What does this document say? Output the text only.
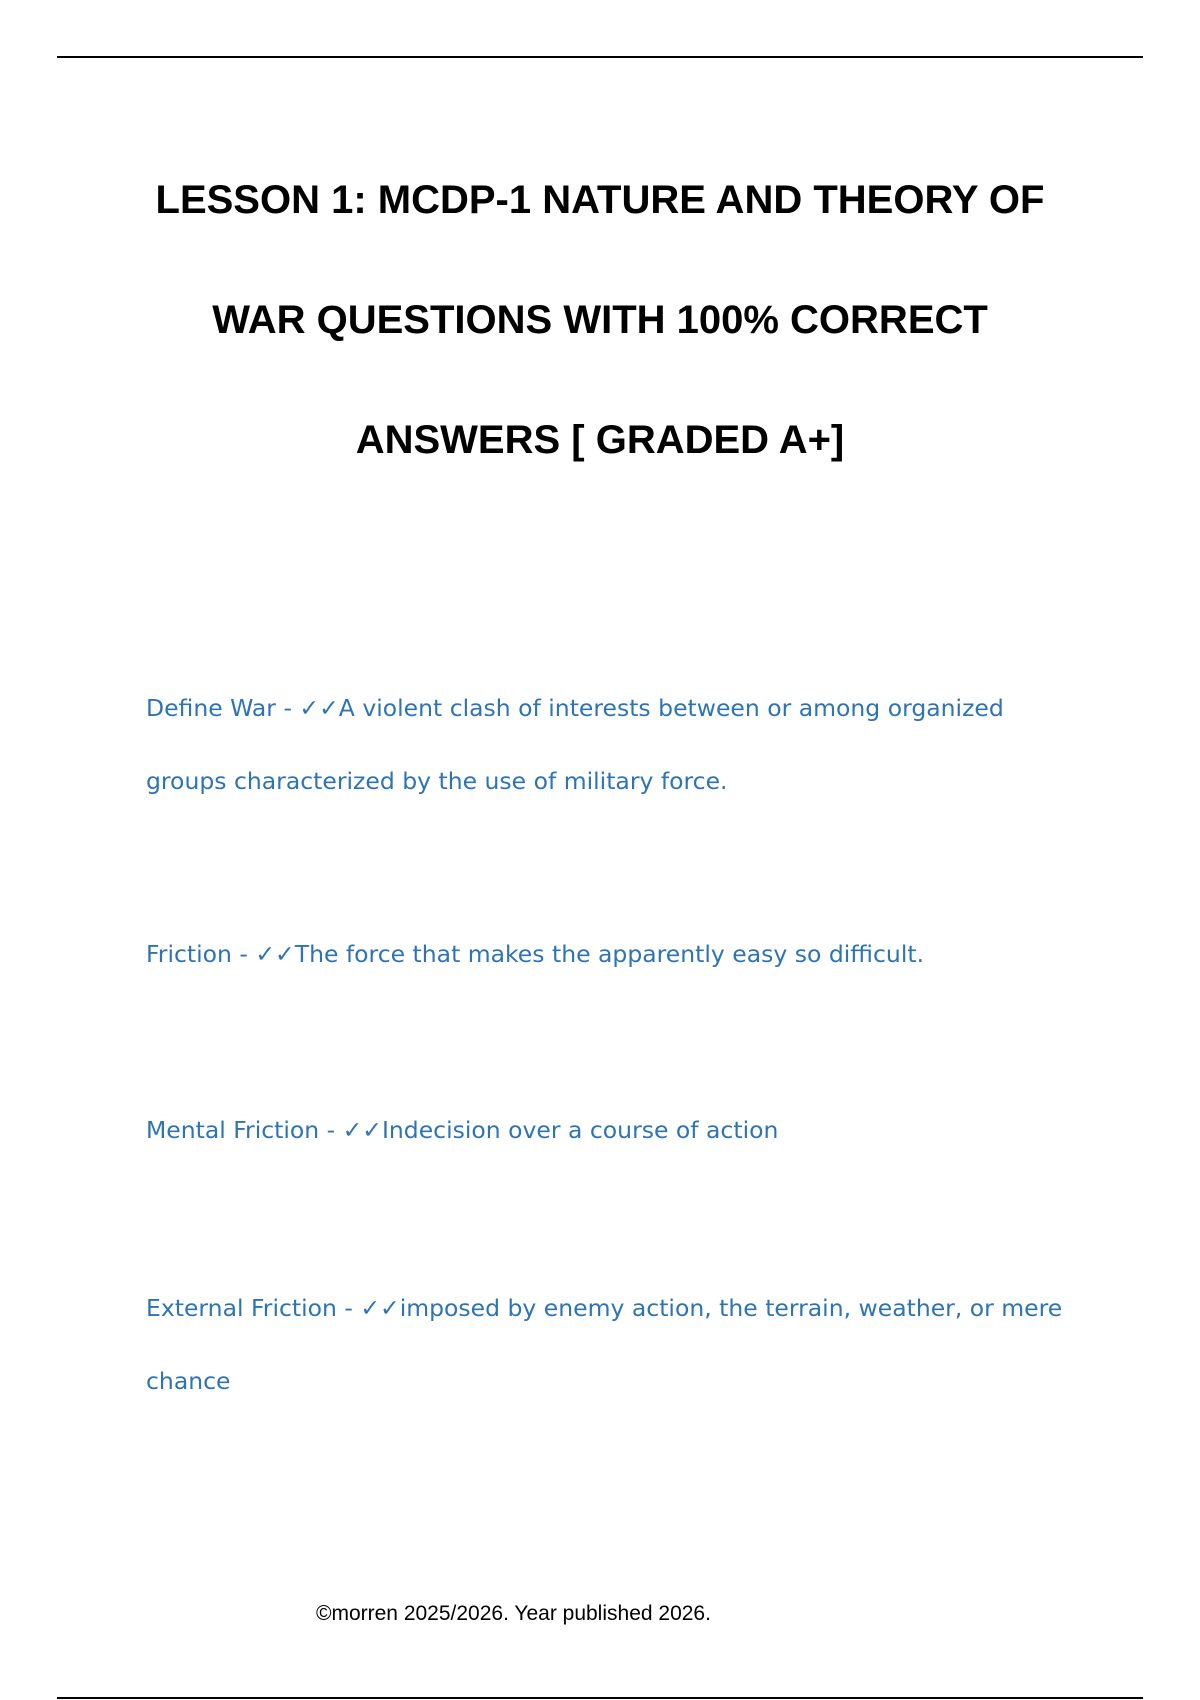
LESSON 1: MCDP-1 NATURE AND THEORY OF
WAR QUESTIONS WITH 100% CORRECT
ANSWERS [ GRADED A+]

Define War - ✓✓A violent clash of interests between or among organized
groups characterized by the use of military force.

Friction - ✓✓The force that makes the apparently easy so difficult.

Mental Friction - ✓✓Indecision over a course of action

External Friction - ✓✓imposed by enemy action, the terrain, weather, or mere
chance

©morren 2025/2026. Year published 2026.
